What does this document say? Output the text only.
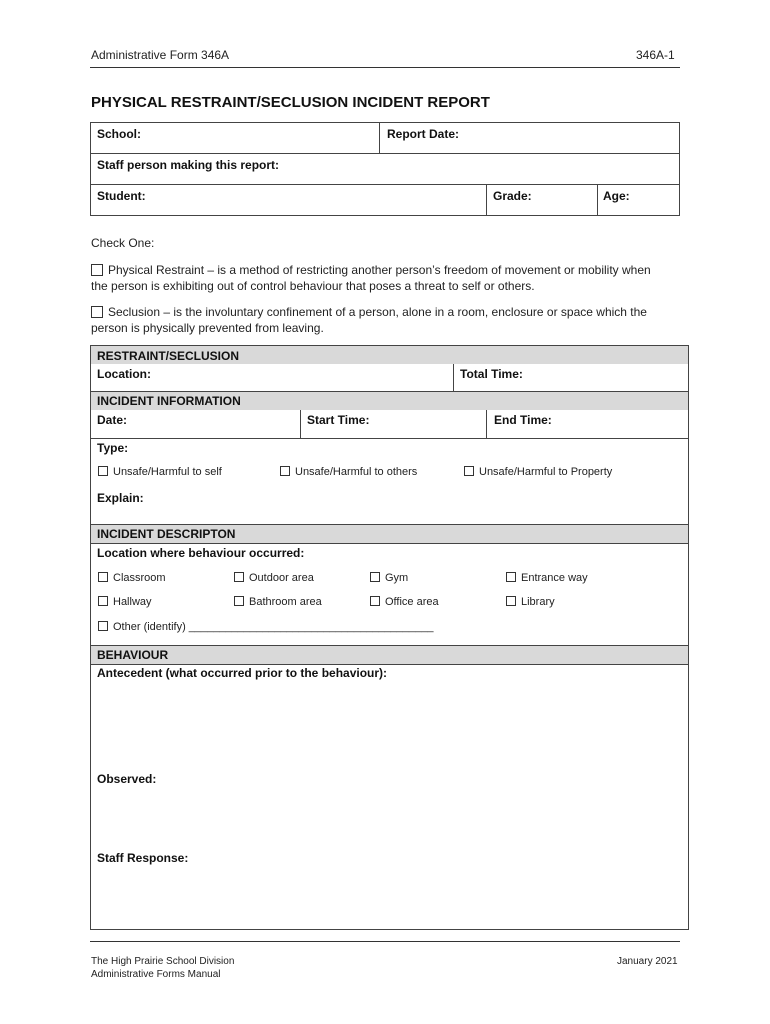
Administrative Form 346A	346A-1
PHYSICAL RESTRAINT/SECLUSION INCIDENT REPORT
School:	Report Date:
Staff person making this report:
Student:	Grade:	Age:
Check One:
Physical Restraint – is a method of restricting another person’s freedom of movement or mobility when
the person is exhibiting out of control behaviour that poses a threat to self or others.
Seclusion – is the involuntary confinement of a person, alone in a room, enclosure or space which the
person is physically prevented from leaving.
RESTRAINT/SECLUSION
Location:	Total Time:
INCIDENT INFORMATION
Date:	Start Time:	End Time:
Type:
Unsafe/Harmful to self	Unsafe/Harmful to others	Unsafe/Harmful to Property
Explain:
INCIDENT DESCRIPTON
Location where behaviour occurred:
Classroom	Outdoor area	Gym	Entrance way
Hallway	Bathroom area	Office area	Library
Other (identify) ________________________________________
BEHAVIOUR
Antecedent (what occurred prior to the behaviour):
Observed:
Staff Response:
The High Prairie School Division
Administrative Forms Manual
January 2021
